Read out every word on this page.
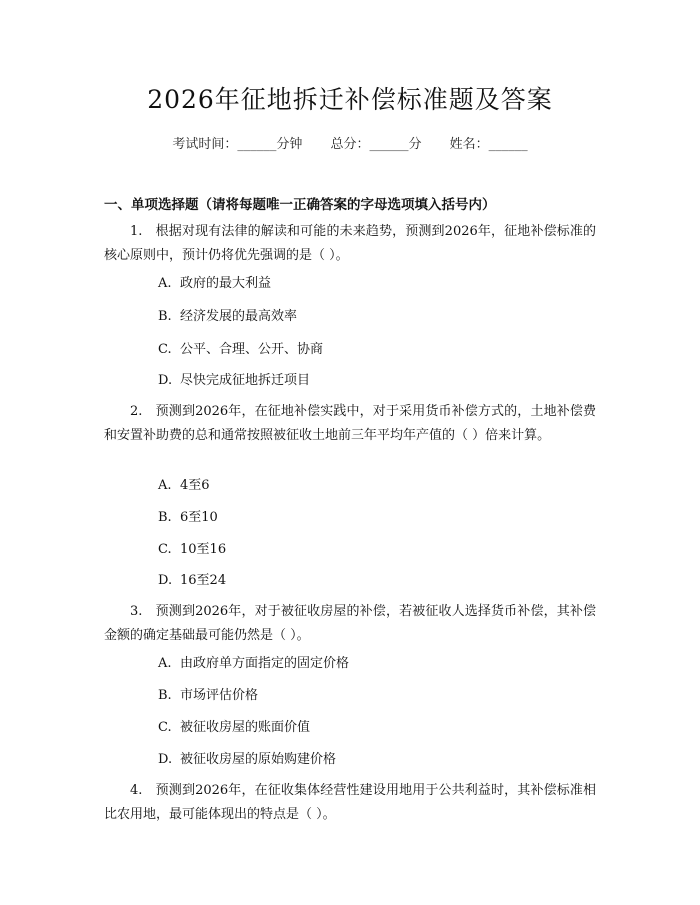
2026年征地拆迁补偿标准题及答案
考试时间：______分钟 总分：______分 姓名：______
一、单项选择题（请将每题唯一正确答案的字母选项填入括号内）
1.　根据对现有法律的解读和可能的未来趋势，预测到2026年，征地补偿标准的核心原则中，预计仍将优先强调的是（ ）。
A. 政府的最大利益
B. 经济发展的最高效率
C. 公平、合理、公开、协商
D. 尽快完成征地拆迁项目
2.　预测到2026年，在征地补偿实践中，对于采用货币补偿方式的，土地补偿费和安置补助费的总和通常按照被征收土地前三年平均年产值的（ ）倍来计算。
A. 4至6
B. 6至10
C. 10至16
D. 16至24
3.　预测到2026年，对于被征收房屋的补偿，若被征收人选择货币补偿，其补偿金额的确定基础最可能仍然是（ ）。
A. 由政府单方面指定的固定价格
B. 市场评估价格
C. 被征收房屋的账面价值
D. 被征收房屋的原始购建价格
4.　预测到2026年，在征收集体经营性建设用地用于公共利益时，其补偿标准相比农用地，最可能体现出的特点是（ ）。
